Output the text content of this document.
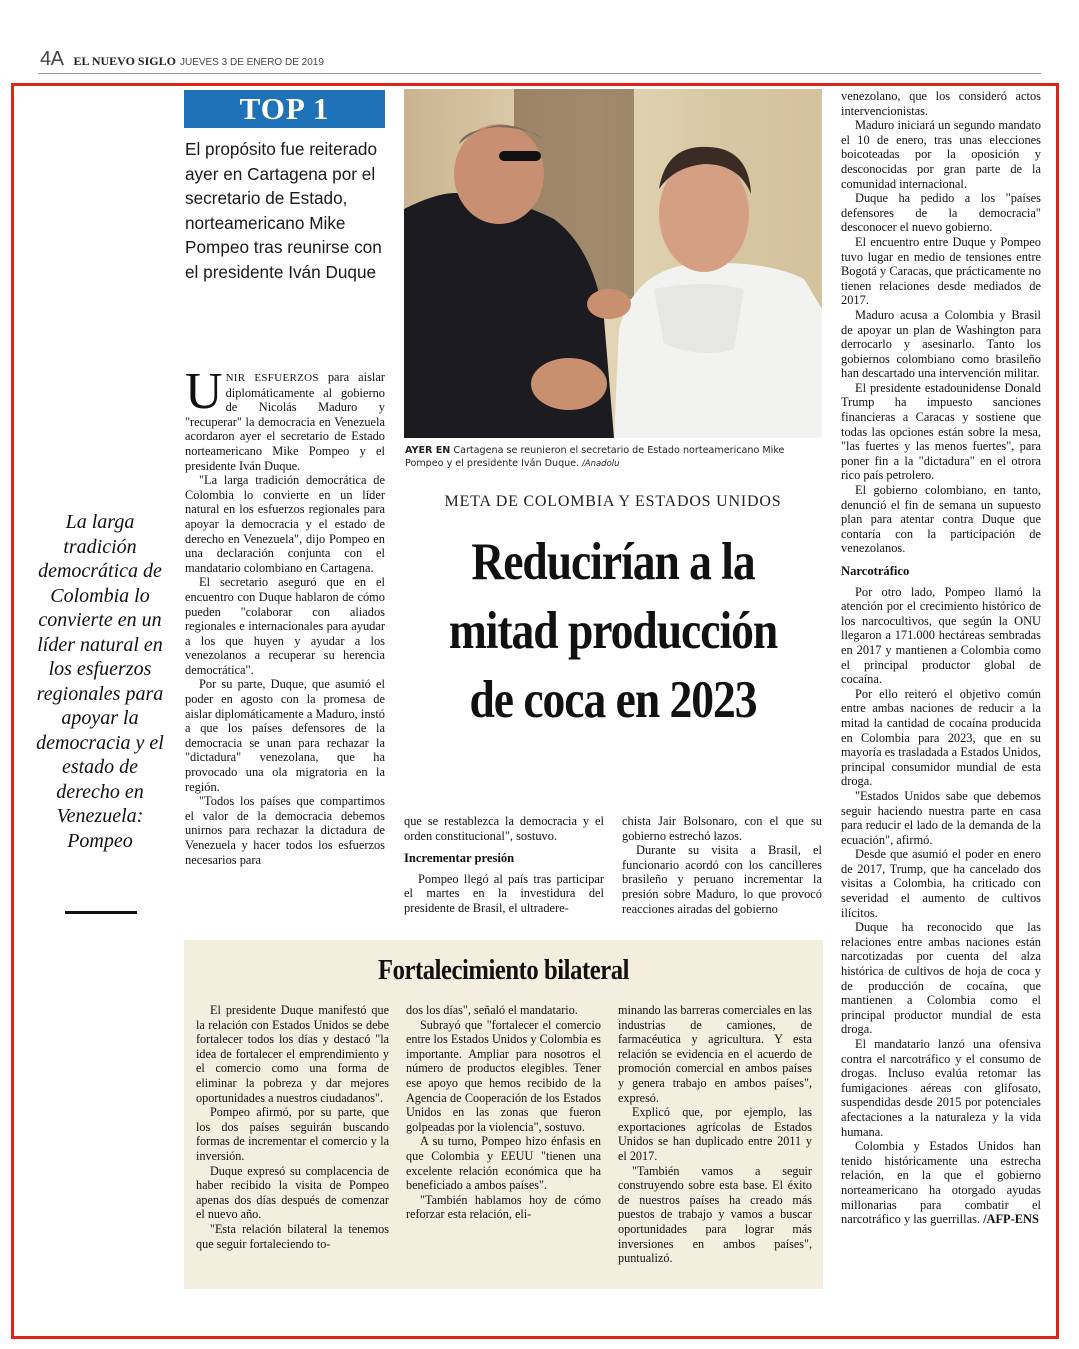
4A EL NUEVO SIGLO JUEVES 3 DE ENERO DE 2019
La larga tradición democrática de Colombia lo convierte en un líder natural en los esfuerzos regionales para apoyar la democracia y el estado de derecho en Venezuela: Pompeo
TOP 1
El propósito fue reiterado ayer en Cartagena por el secretario de Estado, norteamericano Mike Pompeo tras reunirse con el presidente Iván Duque

UNIR ESFUERZOS para aislar diplomáticamente al gobierno de Nicolás Maduro y "recuperar" la democracia en Venezuela acordaron ayer el secretario de Estado norteamericano Mike Pompeo y el presidente Iván Duque.

"La larga tradición democrática de Colombia lo convierte en un líder natural en los esfuerzos regionales para apoyar la democracia y el estado de derecho en Venezuela", dijo Pompeo en una declaración conjunta con el mandatario colombiano en Cartagena.

El secretario aseguró que en el encuentro con Duque hablaron de cómo pueden "colaborar con aliados regionales e internacionales para ayudar a los que huyen y ayudar a los venezolanos a recuperar su herencia democrática".

Por su parte, Duque, que asumió el poder en agosto con la promesa de aislar diplomáticamente a Maduro, instó a que los países defensores de la democracia se unan para rechazar la "dictadura" venezolana, que ha provocado una ola migratoria en la región.

"Todos los países que compartimos el valor de la democracia debemos unirnos para rechazar la dictadura de Venezuela y hacer todos los esfuerzos necesarios para

AYER EN Cartagena se reunieron el secretario de Estado norteamericano Mike Pompeo y el presidente Iván Duque. /Anadolu
META DE COLOMBIA Y ESTADOS UNIDOS
Reducirían a la mitad producción de coca en 2023

que se restablezca la democracia y el orden constitucional", sostuvo.

Incrementar presión

Pompeo llegó al país tras participar el martes en la investidura del presidente de Brasil, el ultradere-

chista Jair Bolsonaro, con el que su gobierno estrechó lazos.

Durante su visita a Brasil, el funcionario acordó con los cancilleres brasileño y peruano incrementar la presión sobre Maduro, lo que provocó reacciones airadas del gobierno

venezolano, que los consideró actos intervencionistas.

Maduro iniciará un segundo mandato el 10 de enero, tras unas elecciones boicoteadas por la oposición y desconocidas por gran parte de la comunidad internacional.

Duque ha pedido a los "países defensores de la democracia" desconocer el nuevo gobierno.

El encuentro entre Duque y Pompeo tuvo lugar en medio de tensiones entre Bogotá y Caracas, que prácticamente no tienen relaciones desde mediados de 2017.

Maduro acusa a Colombia y Brasil de apoyar un plan de Washington para derrocarlo y asesinarlo. Tanto los gobiernos colombiano como brasileño han descartado una intervención militar.

El presidente estadounidense Donald Trump ha impuesto sanciones financieras a Caracas y sostiene que todas las opciones están sobre la mesa, "las fuertes y las menos fuertes", para poner fin a la "dictadura" en el otrora rico país petrolero.

El gobierno colombiano, en tanto, denunció el fin de semana un supuesto plan para atentar contra Duque que contaría con la participación de venezolanos.

Narcotráfico

Por otro lado, Pompeo llamó la atención por el crecimiento histórico de los narcocultivos, que según la ONU llegaron a 171.000 hectáreas sembradas en 2017 y mantienen a Colombia como el principal productor global de cocaína.

Por ello reiteró el objetivo común entre ambas naciones de reducir a la mitad la cantidad de cocaína producida en Colombia para 2023, que en su mayoría es trasladada a Estados Unidos, principal consumidor mundial de esta droga.

"Estados Unidos sabe que debemos seguir haciendo nuestra parte en casa para reducir el lado de la demanda de la ecuación", afirmó.

Desde que asumió el poder en enero de 2017, Trump, que ha cancelado dos visitas a Colombia, ha criticado con severidad el aumento de cultivos ilícitos.

Duque ha reconocido que las relaciones entre ambas naciones están narcotizadas por cuenta del alza histórica de cultivos de hoja de coca y de producción de cocaína, que mantienen a Colombia como el principal productor mundial de esta droga.

El mandatario lanzó una ofensiva contra el narcotráfico y el consumo de drogas. Incluso evalúa retomar las fumigaciones aéreas con glifosato, suspendidas desde 2015 por potenciales afectaciones a la naturaleza y la vida humana.

Colombia y Estados Unidos han tenido históricamente una estrecha relación, en la que el gobierno norteamericano ha otorgado ayudas millonarias para combatir el narcotráfico y las guerrillas. /AFP-ENS

Fortalecimiento bilateral

El presidente Duque manifestó que la relación con Estados Unidos se debe fortalecer todos los días y destacó "la idea de fortalecer el emprendimiento y el comercio como una forma de eliminar la pobreza y dar mejores oportunidades a nuestros ciudadanos".

Pompeo afirmó, por su parte, que los dos países seguirán buscando formas de incrementar el comercio y la inversión.

Duque expresó su complacencia de haber recibido la visita de Pompeo apenas dos días después de comenzar el nuevo año.

"Esta relación bilateral la tenemos que seguir fortaleciendo to-

dos los días", señaló el mandatario.

Subrayó que "fortalecer el comercio entre los Estados Unidos y Colombia es importante. Ampliar para nosotros el número de productos elegibles. Tener ese apoyo que hemos recibido de la Agencia de Cooperación de los Estados Unidos en las zonas que fueron golpeadas por la violencia", sostuvo.

A su turno, Pompeo hizo énfasis en que Colombia y EEUU "tienen una excelente relación económica que ha beneficiado a ambos países".

"También hablamos hoy de cómo reforzar esta relación, eli-

minando las barreras comerciales en las industrias de camiones, de farmacéutica y agricultura. Y esta relación se evidencia en el acuerdo de promoción comercial en ambos países y genera trabajo en ambos países", expresó.

Explicó que, por ejemplo, las exportaciones agrícolas de Estados Unidos se han duplicado entre 2011 y el 2017.

"También vamos a seguir construyendo sobre esta base. El éxito de nuestros países ha creado más puestos de trabajo y vamos a buscar oportunidades para lograr más inversiones en ambos países", puntualizó.
